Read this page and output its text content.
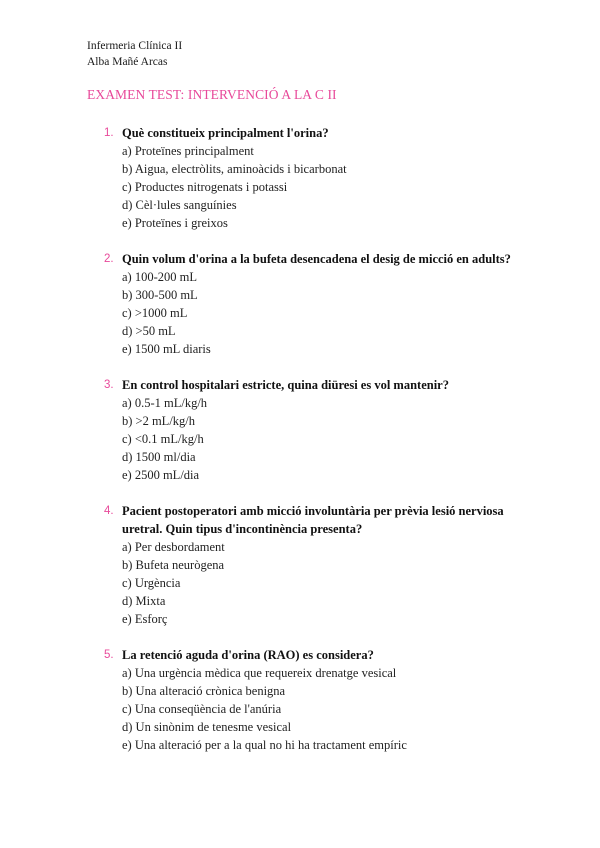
Infermeria Clínica II
Alba Mañé Arcas
EXAMEN TEST: INTERVENCIÓ A LA C II
1. Què constitueix principalment l'orina?
a) Proteïnes principalment
b) Aigua, electròlits, aminoàcids i bicarbonat
c) Productes nitrogenats i potassi
d) Cèl·lules sanguínies
e) Proteïnes i greixos
2. Quin volum d'orina a la bufeta desencadena el desig de micció en adults?
a) 100-200 mL
b) 300-500 mL
c) >1000 mL
d) >50 mL
e) 1500 mL diaris
3. En control hospitalari estricte, quina diüresi es vol mantenir?
a) 0.5-1 mL/kg/h
b) >2 mL/kg/h
c) <0.1 mL/kg/h
d) 1500 ml/dia
e) 2500 mL/dia
4. Pacient postoperatori amb micció involuntària per prèvia lesió nerviosa uretral. Quin tipus d'incontinència presenta?
a) Per desbordament
b) Bufeta neurògena
c) Urgència
d) Mixta
e) Esforç
5. La retenció aguda d'orina (RAO) es considera?
a) Una urgència mèdica que requereix drenatge vesical
b) Una alteració crònica benigna
c) Una conseqüència de l'anúria
d) Un sinònim de tenesme vesical
e) Una alteració per a la qual no hi ha tractament empíric
